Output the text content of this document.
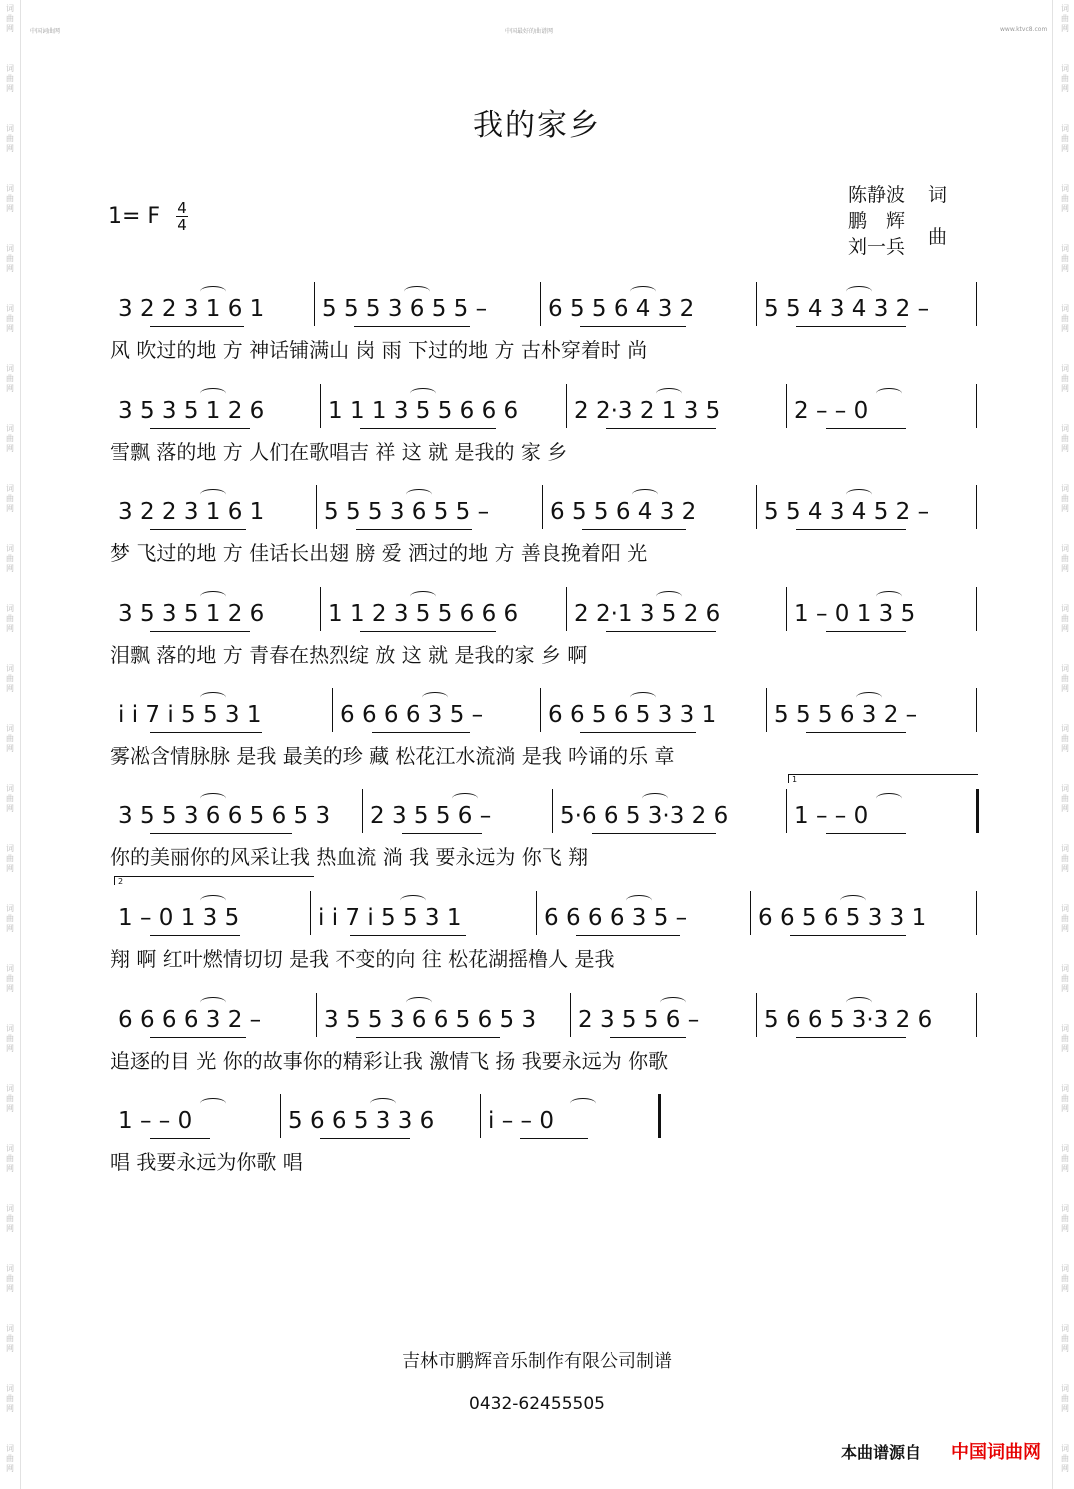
词曲网
词曲网
词曲网
词曲网
词曲网
词曲网
词曲网
词曲网
词曲网
词曲网
词曲网
词曲网
词曲网
词曲网
词曲网
词曲网
词曲网
词曲网
词曲网
词曲网
词曲网
词曲网
词曲网
词曲网
词曲网
词曲网
词曲网
词曲网
词曲网
词曲网
词曲网
词曲网
词曲网
词曲网
词曲网
词曲网
词曲网
词曲网
词曲网
词曲网
词曲网
词曲网
词曲网
词曲网
词曲网
词曲网
词曲网
词曲网
词曲网
词曲网
中国词曲网	中国最好的曲谱网	www.ktvc8.com
我的家乡
1= F 4
4
陈静波 词
鹏　辉
刘一兵 曲
3 2 2 3 1 6 1	5 5 5 3 6 5 5 –	6 5 5 6 4 3 2	5 5 4 3 4 3 2 –
风 吹过的地 方 神话铺满山 岗 雨 下过的地 方 古朴穿着时 尚
3 5 3 5 1 2 6	1 1 1 3 5 5 6 6 6 2 2·3 2 1 3 5	2 – – 0
雪飘 落的地 方 人们在歌唱吉 祥 这 就 是我的 家 乡
3 2 2 3 1 6 1	5 5 5 3 6 5 5 –	6 5 5 6 4 3 2	5 5 4 3 4 5 2 –
梦 飞过的地 方 佳话长出翅 膀 爱 洒过的地 方 善良挽着阳 光
3 5 3 5 1 2 6	1 1 2 3 5 5 6 6 6 2 2·1 3 5 2 6	1 – 0 1 3 5
泪飘 落的地 方 青春在热烈绽 放 这 就 是我的家 乡 啊
i i 7 i 5 5 3 1	6 6 6 6 3 5 –	6 6 5 6 5 3 3 1	5 5 5 6 3 2 –
雾凇含情脉脉 是我 最美的珍 藏 松花江水流淌 是我 吟诵的乐 章
3 5 5 3 6 6 5 6 5 3 2 3 5 5 6 –	5·6 6 5 3·3 2 6	1 – – 0
你的美丽你的风采让我 热血流 淌 我 要永远为 你飞 翔
1 – 0 1 3 5	i i 7 i 5 5 3 1	6 6 6 6 3 5 –	6 6 5 6 5 3 3 1
翔 啊 红叶燃情切切 是我 不变的向 往 松花湖摇橹人 是我
6 6 6 6 3 2 –	3 5 5 3 6 6 5 6 5 3 2 3 5 5 6 –	5 6 6 5 3·3 2 6
追逐的目 光 你的故事你的精彩让我 激情飞 扬 我要永远为 你歌
1 – – 0	5 6 6 5 3 3 6 i – – 0
唱 我要永远为你歌 唱
1
2
吉林市鹏辉音乐制作有限公司制谱
0432-62455505
本曲谱源自 中国词曲网
